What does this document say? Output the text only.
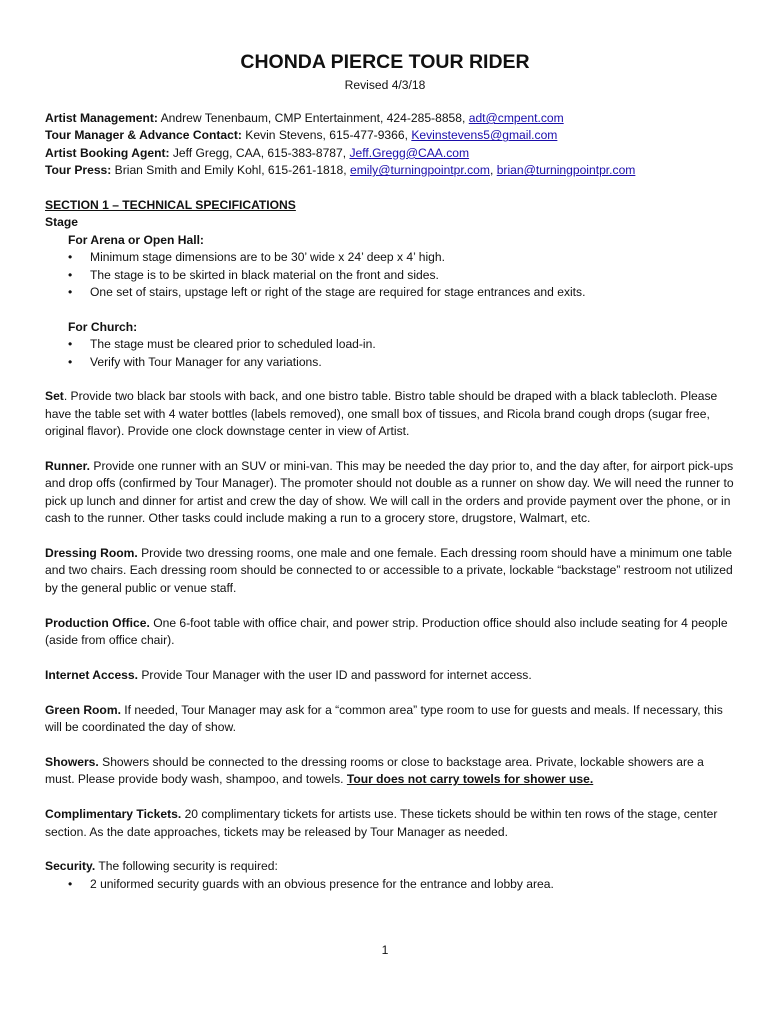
CHONDA PIERCE TOUR RIDER
Revised 4/3/18

Artist Management: Andrew Tenenbaum, CMP Entertainment, 424-285-8858, adt@cmpent.com

Tour Manager & Advance Contact: Kevin Stevens, 615-477-9366, Kevinstevens5@gmail.com

Artist Booking Agent: Jeff Gregg, CAA, 615-383-8787, Jeff.Gregg@CAA.com

Tour Press: Brian Smith and Emily Kohl, 615-261-1818, emily@turningpointpr.com, brian@turningpointpr.com

SECTION 1 – TECHNICAL SPECIFICATIONS

Stage

For Arena or Open Hall:

• Minimum stage dimensions are to be 30’ wide x 24’ deep x 4’ high.
• The stage is to be skirted in black material on the front and sides.
• One set of stairs, upstage left or right of the stage are required for stage entrances and exits.

For Church:

• The stage must be cleared prior to scheduled load-in.
• Verify with Tour Manager for any variations.

Set. Provide two black bar stools with back, and one bistro table. Bistro table should be draped with a black tablecloth. Please have the table set with 4 water bottles (labels removed), one small box of tissues, and Ricola brand cough drops (sugar free, original flavor). Provide one clock downstage center in view of Artist.

Runner. Provide one runner with an SUV or mini-van. This may be needed the day prior to, and the day after, for airport pick-ups and drop offs (confirmed by Tour Manager). The promoter should not double as a runner on show day. We will need the runner to pick up lunch and dinner for artist and crew the day of show. We will call in the orders and provide payment over the phone, or in cash to the runner. Other tasks could include making a run to a grocery store, drugstore, Walmart, etc.

Dressing Room. Provide two dressing rooms, one male and one female. Each dressing room should have a minimum one table and two chairs. Each dressing room should be connected to or accessible to a private, lockable “backstage” restroom not utilized by the general public or venue staff.

Production Office. One 6-foot table with office chair, and power strip. Production office should also include seating for 4 people (aside from office chair).

Internet Access. Provide Tour Manager with the user ID and password for internet access.

Green Room. If needed, Tour Manager may ask for a “common area” type room to use for guests and meals. If necessary, this will be coordinated the day of show.

Showers. Showers should be connected to the dressing rooms or close to backstage area. Private, lockable showers are a must. Please provide body wash, shampoo, and towels. Tour does not carry towels for shower use.

Complimentary Tickets. 20 complimentary tickets for artists use. These tickets should be within ten rows of the stage, center section. As the date approaches, tickets may be released by Tour Manager as needed.

Security. The following security is required:

• 2 uniformed security guards with an obvious presence for the entrance and lobby area.
1
